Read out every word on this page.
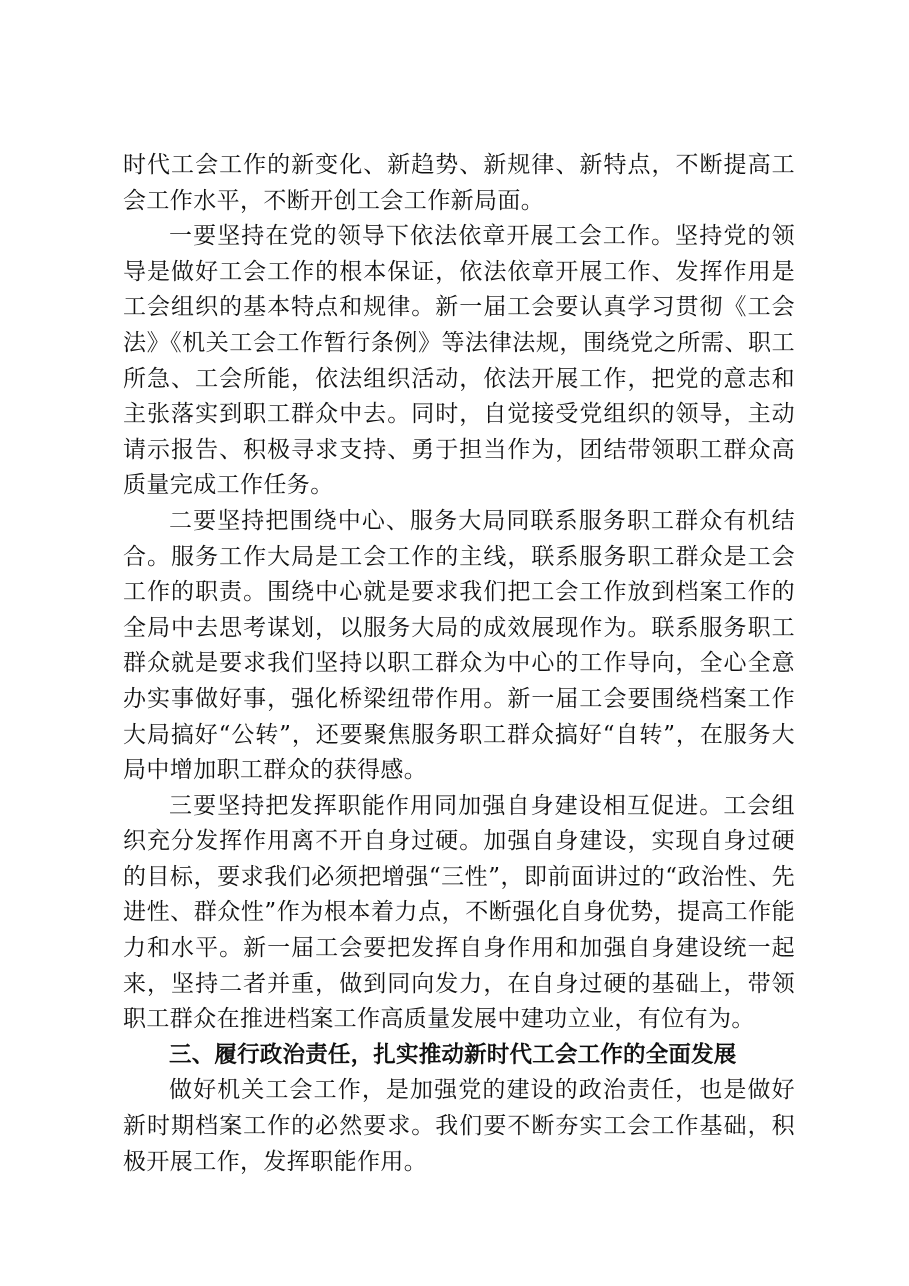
时代工会工作的新变化、新趋势、新规律、新特点，不断提高工会工作水平，不断开创工会工作新局面。

一要坚持在党的领导下依法依章开展工会工作。坚持党的领导是做好工会工作的根本保证，依法依章开展工作、发挥作用是工会组织的基本特点和规律。新一届工会要认真学习贯彻《工会法》《机关工会工作暂行条例》等法律法规，围绕党之所需、职工所急、工会所能，依法组织活动，依法开展工作，把党的意志和主张落实到职工群众中去。同时，自觉接受党组织的领导，主动请示报告、积极寻求支持、勇于担当作为，团结带领职工群众高质量完成工作任务。

二要坚持把围绕中心、服务大局同联系服务职工群众有机结合。服务工作大局是工会工作的主线，联系服务职工群众是工会工作的职责。围绕中心就是要求我们把工会工作放到档案工作的全局中去思考谋划，以服务大局的成效展现作为。联系服务职工群众就是要求我们坚持以职工群众为中心的工作导向，全心全意办实事做好事，强化桥梁纽带作用。新一届工会要围绕档案工作大局搞好“公转”，还要聚焦服务职工群众搞好“自转”，在服务大局中增加职工群众的获得感。

三要坚持把发挥职能作用同加强自身建设相互促进。工会组织充分发挥作用离不开自身过硬。加强自身建设，实现自身过硬的目标，要求我们必须把增强“三性”，即前面讲过的“政治性、先进性、群众性”作为根本着力点，不断强化自身优势，提高工作能力和水平。新一届工会要把发挥自身作用和加强自身建设统一起来，坚持二者并重，做到同向发力，在自身过硬的基础上，带领职工群众在推进档案工作高质量发展中建功立业，有位有为。

三、履行政治责任，扎实推动新时代工会工作的全面发展

做好机关工会工作，是加强党的建设的政治责任，也是做好新时期档案工作的必然要求。我们要不断夯实工会工作基础，积极开展工作，发挥职能作用。
